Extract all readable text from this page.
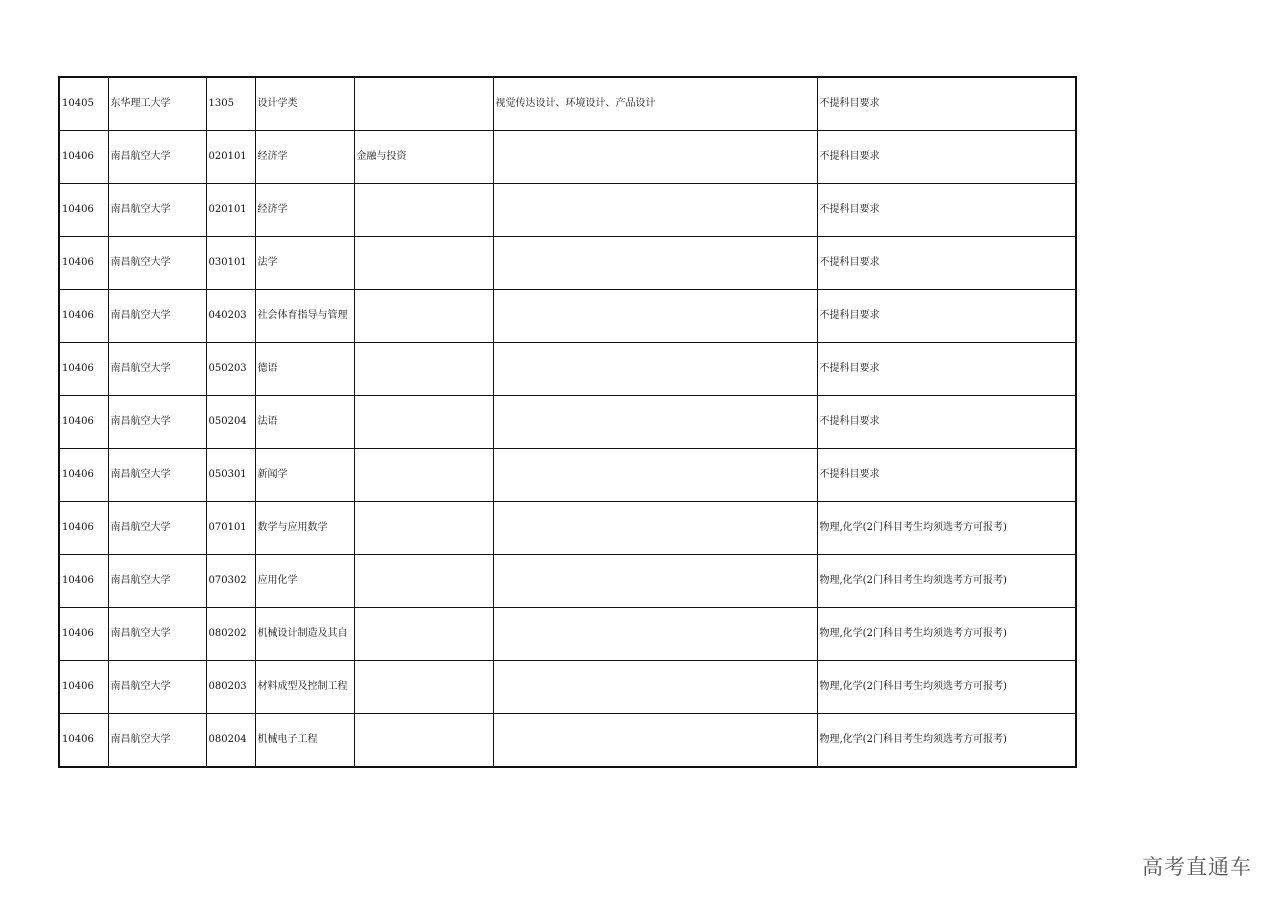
10405	东华理工大学	1305	设计学类		视觉传达设计、环境设计、产品设计	不提科目要求
10406	南昌航空大学	020101	经济学	金融与投资		不提科目要求
10406	南昌航空大学	020101	经济学			不提科目要求
10406	南昌航空大学	030101	法学			不提科目要求
10406	南昌航空大学	040203	社会体育指导与管理			不提科目要求
10406	南昌航空大学	050203	德语			不提科目要求
10406	南昌航空大学	050204	法语			不提科目要求
10406	南昌航空大学	050301	新闻学			不提科目要求
10406	南昌航空大学	070101	数学与应用数学			物理,化学(2门科目考生均须选考方可报考)
10406	南昌航空大学	070302	应用化学			物理,化学(2门科目考生均须选考方可报考)
10406	南昌航空大学	080202	机械设计制造及其自			物理,化学(2门科目考生均须选考方可报考)
10406	南昌航空大学	080203	材料成型及控制工程			物理,化学(2门科目考生均须选考方可报考)
10406	南昌航空大学	080204	机械电子工程			物理,化学(2门科目考生均须选考方可报考)
高考直通车
